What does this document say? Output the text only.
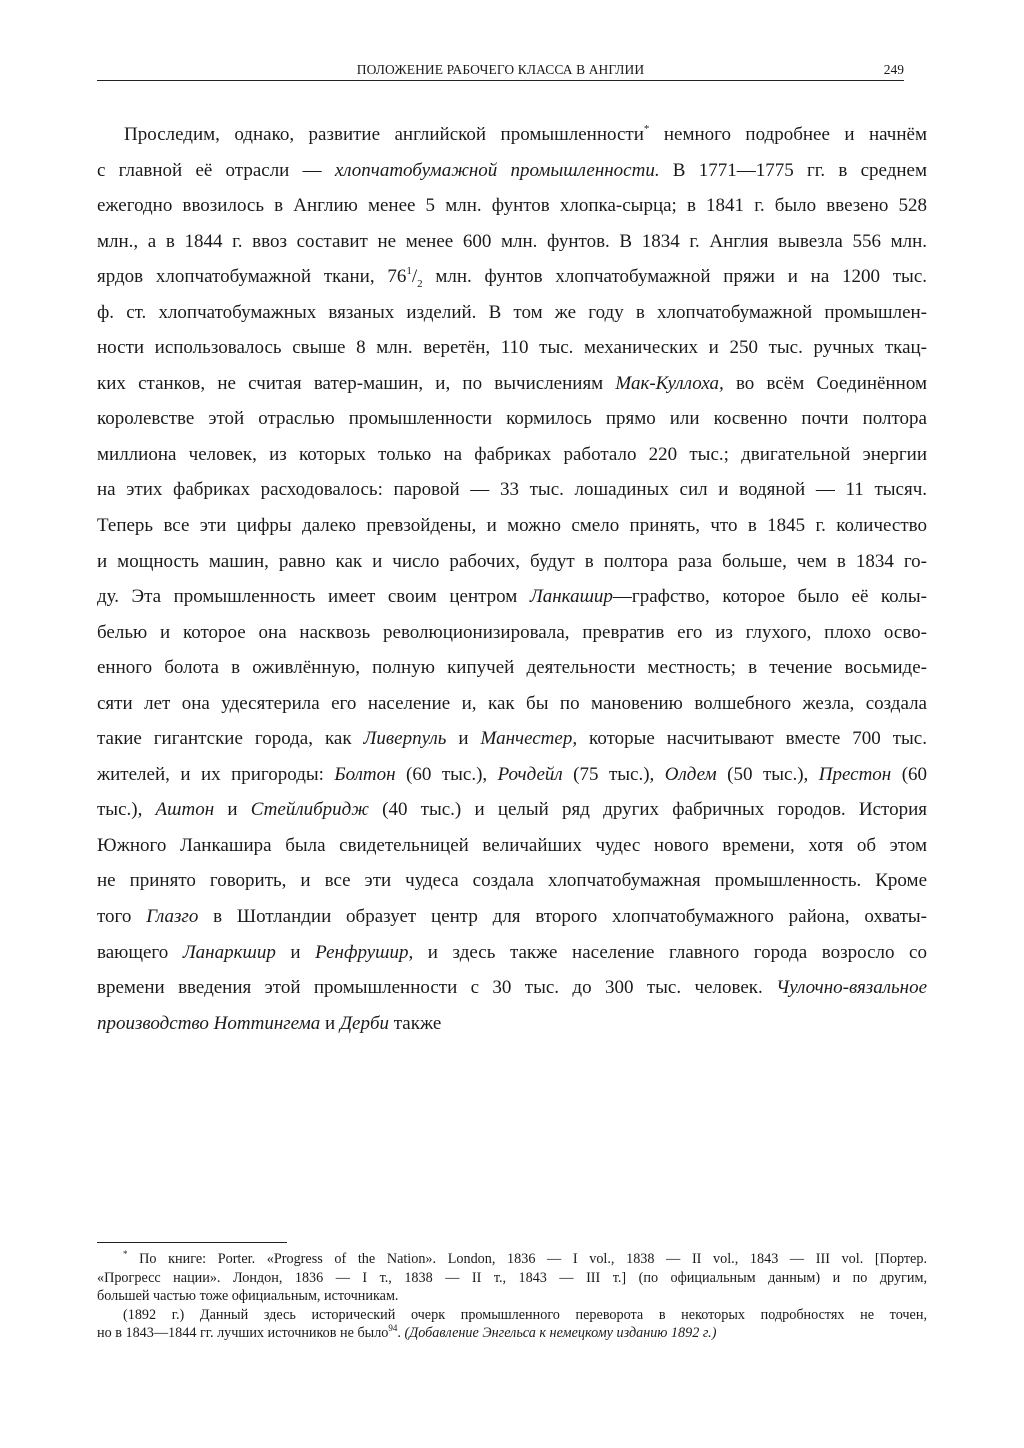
ПОЛОЖЕНИЕ РАБОЧЕГО КЛАССА В АНГЛИИ	249
Проследим, однако, развитие английской промышленности* немного подробнее и начнём
с главной её отрасли — хлопчатобумажной промышленности. В 1771—1775 гг. в среднем
ежегодно ввозилось в Англию менее 5 млн. фунтов хлопка-сырца; в 1841 г. было ввезено 528
млн., а в 1844 г. ввоз составит не менее 600 млн. фунтов. В 1834 г. Англия вывезла 556 млн.
ярдов хлопчатобумажной ткани, $76^1/_2$ млн. фунтов хлопчатобумажной пряжи и на 1200 тыс.
ф. ст. хлопчатобумажных вязаных изделий. В том же году в хлопчатобумажной промышлен-
ности использовалось свыше 8 млн. веретён, 110 тыс. механических и 250 тыс. ручных ткац-
ких станков, не считая ватер-машин, и, по вычислениям Мак-Куллоха, во всём Соединённом
королевстве этой отраслью промышленности кормилось прямо или косвенно почти полтора
миллиона человек, из которых только на фабриках работало 220 тыс.; двигательной энергии
на этих фабриках расходовалось: паровой — 33 тыс. лошадиных сил и водяной — 11 тысяч.
Теперь все эти цифры далеко превзойдены, и можно смело принять, что в 1845 г. количество
и мощность машин, равно как и число рабочих, будут в полтора раза больше, чем в 1834 го-
ду. Эта промышленность имеет своим центром Ланкашир—графство, которое было её колы-
белью и которое она насквозь революционизировала, превратив его из глухого, плохо осво-
енного болота в оживлённую, полную кипучей деятельности местность; в течение восьмиде-
сяти лет она удесятерила его население и, как бы по мановению волшебного жезла, создала
такие гигантские города, как Ливерпуль и Манчестер, которые насчитывают вместе 700 тыс.
жителей, и их пригороды: Болтон (60 тыс.), Рочдейл (75 тыс.), Олдем (50 тыс.), Престон (60
тыс.), Аштон и Стейлибридж (40 тыс.) и целый ряд других фабричных городов. История
Южного Ланкашира была свидетельницей величайших чудес нового времени, хотя об этом
не принято говорить, и все эти чудеса создала хлопчатобумажная промышленность. Кроме
того Глазго в Шотландии образует центр для второго хлопчатобумажного района, охваты-
вающего Ланаркшир и Ренфрушир, и здесь также население главного города возросло со
времени введения этой промышленности с 30 тыс. до 300 тыс. человек. Чулочно-вязальное
производство Ноттингема и Дерби также
* По книге: Porter. «Progress of the Nation». London, 1836 — I vol., 1838 — II vol., 1843 — III vol. [Портер.
«Прогресс нации». Лондон, 1836 — I т., 1838 — II т., 1843 — III т.] (по официальным данным) и по другим,
большей частью тоже официальным, источникам.
(1892 г.) Данный здесь исторический очерк промышленного переворота в некоторых подробностях не точен,
но в 1843—1844 гг. лучших источников не было$^{94}$. (Добавление Энгельса к немецкому изданию 1892 г.)
